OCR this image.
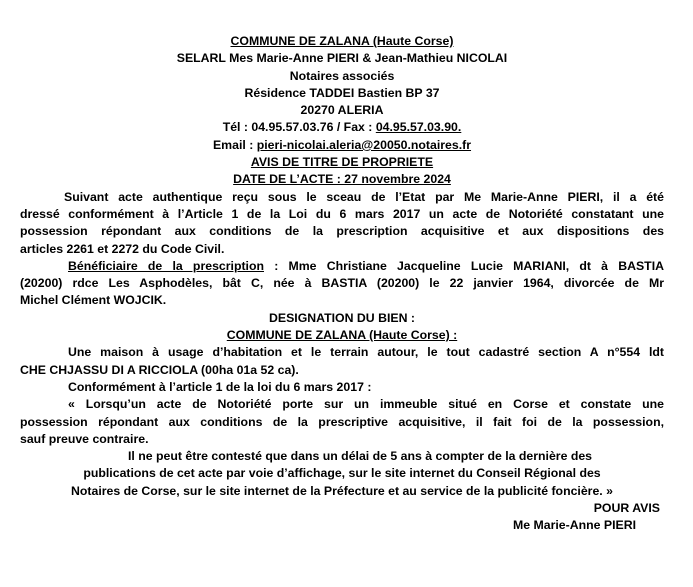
COMMUNE DE ZALANA (Haute Corse)
SELARL Mes Marie-Anne PIERI & Jean-Mathieu NICOLAI
Notaires associés
Résidence TADDEI Bastien BP 37
20270 ALERIA
Tél : 04.95.57.03.76 / Fax : 04.95.57.03.90.
Email : pieri-nicolai.aleria@20050.notaires.fr
AVIS DE TITRE DE PROPRIETE
DATE DE L’ACTE : 27 novembre 2024
Suivant acte authentique reçu sous le sceau de l’Etat par Me Marie-Anne PIERI, il a été
dressé conformément à l’Article 1 de la Loi du 6 mars 2017 un acte de Notoriété constatant une
possession répondant aux conditions de la prescription acquisitive et aux dispositions des
articles 2261 et 2272 du Code Civil.
Bénéficiaire de la prescription : Mme Christiane Jacqueline Lucie MARIANI, dt à BASTIA
(20200) rdce Les Asphodèles, bât C, née à BASTIA (20200) le 22 janvier 1964, divorcée de Mr
Michel Clément WOJCIK.
DESIGNATION DU BIEN :
COMMUNE DE ZALANA (Haute Corse) :
Une maison à usage d’habitation et le terrain autour, le tout cadastré section A n°554 ldt
CHE CHJASSU DI A RICCIOLA (00ha 01a 52 ca).
Conformément à l’article 1 de la loi du 6 mars 2017 :
« Lorsqu’un acte de Notoriété porte sur un immeuble situé en Corse et constate une
possession répondant aux conditions de la prescriptive acquisitive, il fait foi de la possession,
sauf preuve contraire.
Il ne peut être contesté que dans un délai de 5 ans à compter de la dernière des
publications de cet acte par voie d’affichage, sur le site internet du Conseil Régional des
Notaires de Corse, sur le site internet de la Préfecture et au service de la publicité foncière. »
POUR AVIS
Me Marie-Anne PIERI
